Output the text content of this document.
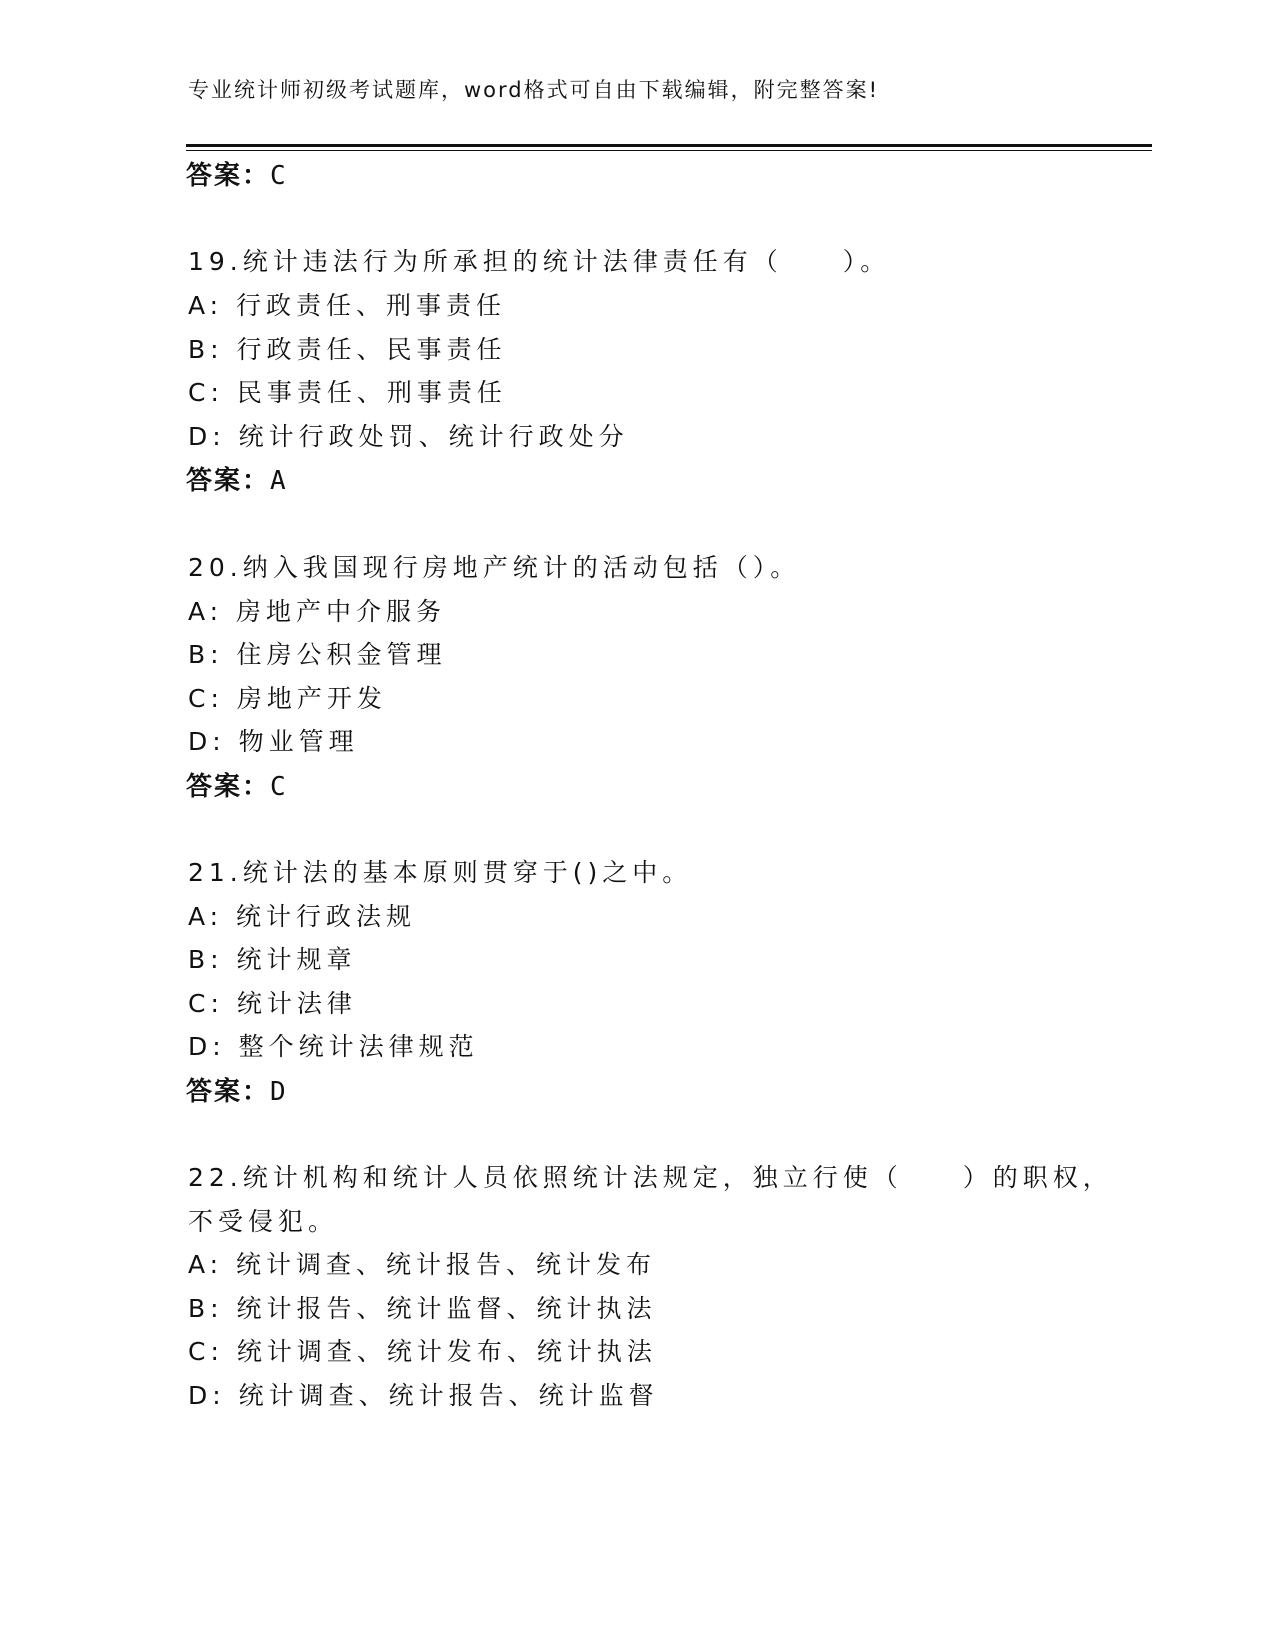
专业统计师初级考试题库，word格式可自由下载编辑，附完整答案!
答案：C
19.统计违法行为所承担的统计法律责任有（　　）。
A: 行政责任、刑事责任
B: 行政责任、民事责任
C: 民事责任、刑事责任
D: 统计行政处罚、统计行政处分
答案：A
20.纳入我国现行房地产统计的活动包括（）。
A: 房地产中介服务
B: 住房公积金管理
C: 房地产开发
D: 物业管理
答案：C
21.统计法的基本原则贯穿于()之中。
A: 统计行政法规
B: 统计规章
C: 统计法律
D: 整个统计法律规范
答案：D
22.统计机构和统计人员依照统计法规定，独立行使（　　）的职权，
不受侵犯。
A: 统计调查、统计报告、统计发布
B: 统计报告、统计监督、统计执法
C: 统计调查、统计发布、统计执法
D: 统计调查、统计报告、统计监督
